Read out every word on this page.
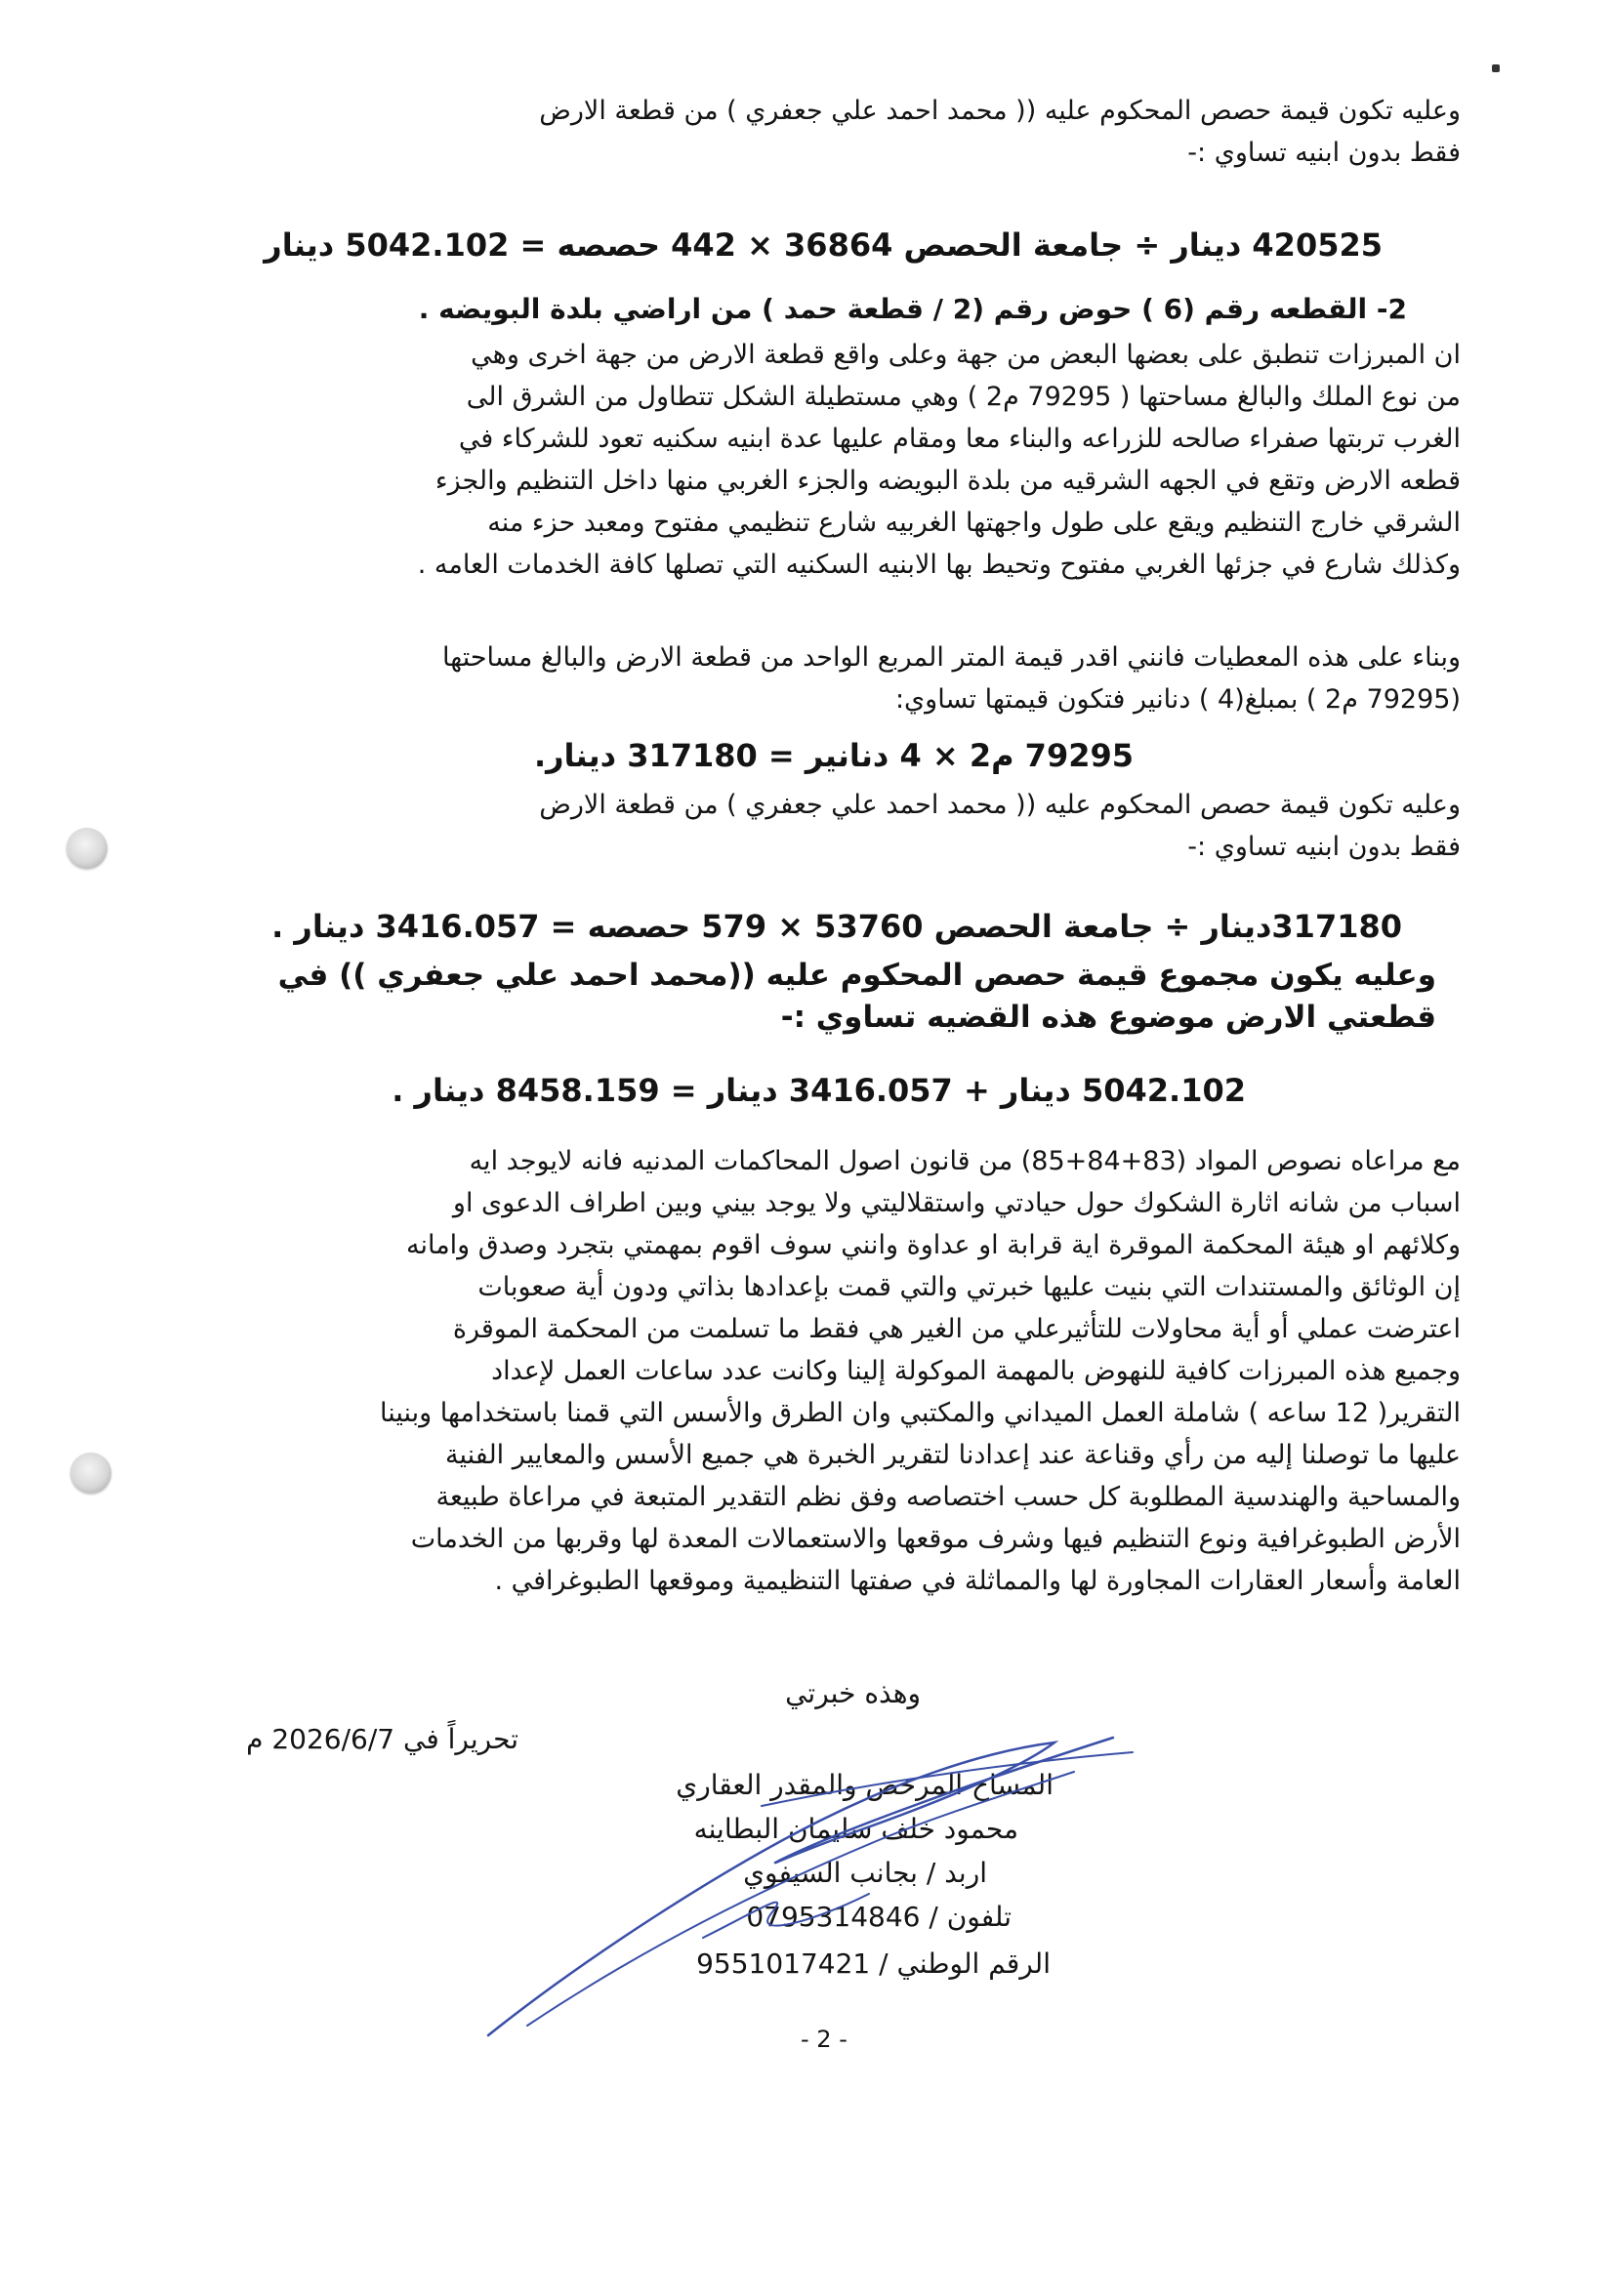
وعليه تكون قيمة حصص المحكوم عليه (( محمد احمد علي جعفري ) من قطعة الارض
فقط بدون ابنيه تساوي :-
420525 دينار ÷ جامعة الحصص 36864 × 442 حصصه = 5042.102 دينار
2- القطعه رقم (6 ) حوض رقم (2 / قطعة حمد ) من اراضي بلدة البويضه .
ان المبرزات تنطبق على بعضها البعض من جهة وعلى واقع قطعة الارض من جهة اخرى وهي
من نوع الملك والبالغ مساحتها ( 79295 م2 ) وهي مستطيلة الشكل تتطاول من الشرق الى
الغرب تربتها صفراء صالحه للزراعه والبناء معا ومقام عليها عدة ابنيه سكنيه تعود للشركاء في
قطعه الارض وتقع في الجهه الشرقيه من بلدة البويضه والجزء الغربي منها داخل التنظيم والجزء
الشرقي خارج التنظيم ويقع على طول واجهتها الغربيه شارع تنظيمي مفتوح ومعبد حزء منه
وكذلك شارع في جزئها الغربي مفتوح وتحيط بها الابنيه السكنيه التي تصلها كافة الخدمات العامه .
وبناء على هذه المعطيات فانني اقدر قيمة المتر المربع الواحد من قطعة الارض والبالغ مساحتها
(79295 م2 ) بمبلغ(4 ) دنانير فتكون قيمتها تساوي:
79295 م2 × 4 دنانير = 317180 دينار.
وعليه تكون قيمة حصص المحكوم عليه (( محمد احمد علي جعفري ) من قطعة الارض
فقط بدون ابنيه تساوي :-
317180دينار ÷ جامعة الحصص 53760 × 579 حصصه = 3416.057 دينار .
وعليه يكون مجموع قيمة حصص المحكوم عليه ((محمد احمد علي جعفري )) في
قطعتي الارض موضوع هذه القضيه تساوي :-
5042.102 دينار + 3416.057 دينار = 8458.159 دينار .
مع مراعاه نصوص المواد (83+84+85) من قانون اصول المحاكمات المدنيه فانه لايوجد ايه
اسباب من شانه اثارة الشكوك حول حيادتي واستقلاليتي ولا يوجد بيني وبين اطراف الدعوى او
وكلائهم او هيئة المحكمة الموقرة اية قرابة او عداوة وانني سوف اقوم بمهمتي بتجرد وصدق وامانه
إن الوثائق والمستندات التي بنيت عليها خبرتي والتي قمت بإعدادها بذاتي ودون أية صعوبات
اعترضت عملي أو أية محاولات للتأثيرعلي من الغير هي فقط ما تسلمت من المحكمة الموقرة
وجميع هذه المبرزات كافية للنهوض بالمهمة الموكولة إلينا وكانت عدد ساعات العمل لإعداد
التقرير( 12 ساعه ) شاملة العمل الميداني والمكتبي وان الطرق والأسس التي قمنا باستخدامها وبنينا
عليها ما توصلنا إليه من رأي وقناعة عند إعدادنا لتقرير الخبرة هي جميع الأسس والمعايير الفنية
والمساحية والهندسية المطلوبة كل حسب اختصاصه وفق نظم التقدير المتبعة في مراعاة طبيعة
الأرض الطبوغرافية ونوع التنظيم فيها وشرف موقعها والاستعمالات المعدة لها وقربها من الخدمات
العامة وأسعار العقارات المجاورة لها والمماثلة في صفتها التنظيمية وموقعها الطبوغرافي .
وهذه خبرتي
تحريراً في 2026/6/7 م
المساح المرخص والمقدر العقاري
محمود خلف سليمان البطاينه
اربد / بجانب السيفوي
تلفون / 0795314846
الرقم الوطني / 9551017421
- 2 -
